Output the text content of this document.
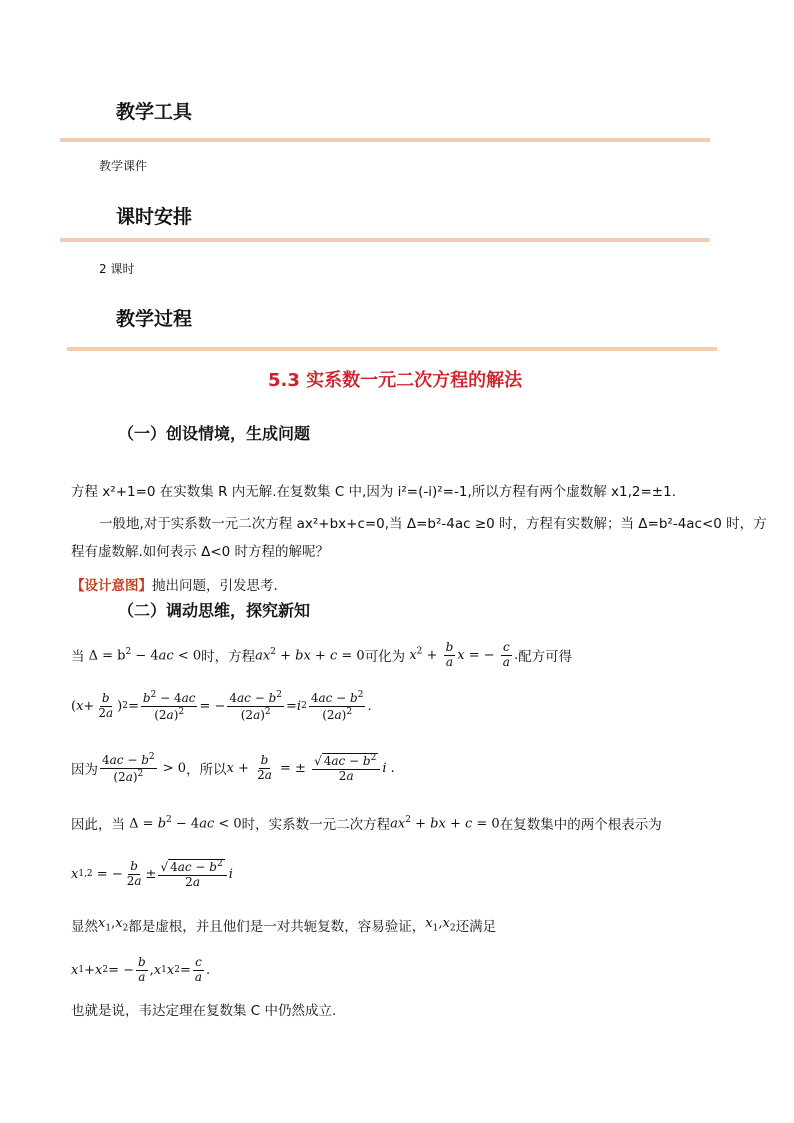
教学工具
教学课件
课时安排
2 课时
教学过程
5.3 实系数一元二次方程的解法
（一）创设情境，生成问题
方程 x²+1=0 在实数集 R 内无解.在复数集 C 中,因为 i²=(-i)²=-1,所以方程有两个虚数解 x1,2=±1.
一般地,对于实系数一元二次方程 ax²+bx+c=0,当 Δ=b²-4ac ≥0 时，方程有实数解；当 Δ=b²-4ac<0 时，方
程有虚数解.如何表示 Δ<0 时方程的解呢？
【设计意图】抛出问题，引发思考.
（二）调动思维，探究新知
当 $\Delta = b^2 - 4ac < 0$ 时，方程 $ax^2$ + bx + c = 0 可化为 $x^2 + \frac{b}{a}$ x = − $\frac{c}{a}$ . 配方可得
( $x + \frac{b}{2a}$ ) $2 = \frac{b^2 - 4ac}{(2a)^2}$ = − $\frac{4ac - b^2}{(2a)^2} = i$ $2 \frac{4ac - b^2}{(2a)^2}$ .
因为 $\frac{4ac - b^2}{(2a)^2} > 0$ ，所以 $x + \frac{b}{2a}$ = ± $\frac{√ 4ac - b^2}{2a}$ i .
因此，当 $\Delta = b^2 - 4ac < 0$ 时，实系数一元二次方程 $ax^2$ + bx + c = 0 在复数集中的两个根表示为
x 1,2 = − $\frac{b}{2a} \pm \frac{√ 4ac - b^2}{2a}$ i
显然 $x_1,x_2$ 都是虚根，并且他们是一对共轭复数，容易验证， $x_1,x_2$ 还满足
x 1 + x 2 = − $\frac{b}{a}$ , x 1 x $2 = \frac{c}{a}$ .
也就是说，韦达定理在复数集 C 中仍然成立.
